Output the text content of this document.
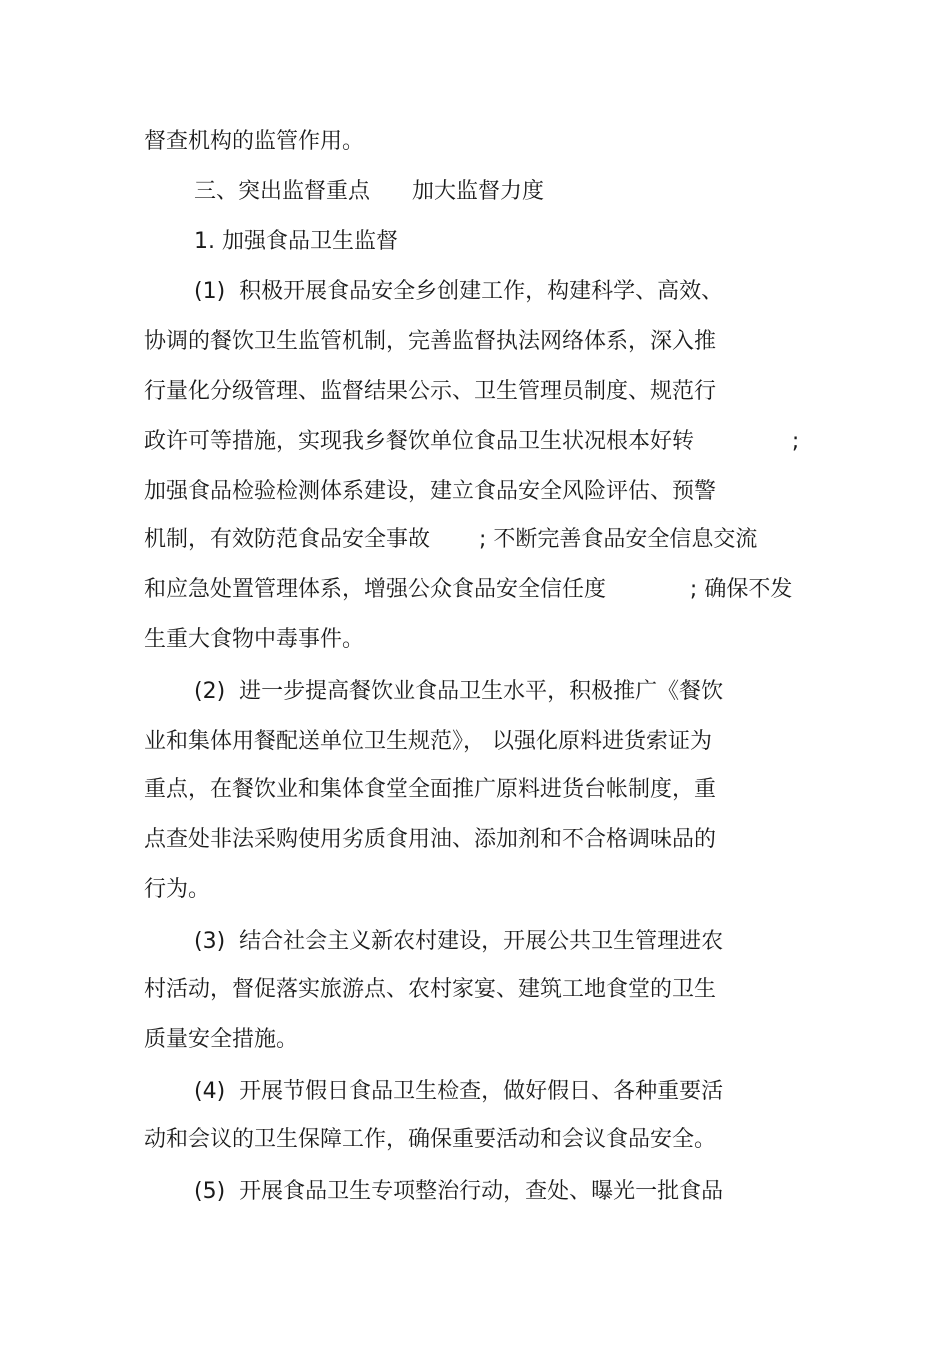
督查机构的监管作用。
三、突出监督重点      加大监督力度
1. 加强食品卫生监督
(1)  积极开展食品安全乡创建工作，构建科学、高效、
协调的餐饮卫生监管机制，完善监督执法网络体系，深入推
行量化分级管理、监督结果公示、卫生管理员制度、规范行
政许可等措施，实现我乡餐饮单位食品卫生状况根本好转              ;
加强食品检验检测体系建设，建立食品安全风险评估、预警
机制，有效防范食品安全事故       ; 不断完善食品安全信息交流
和应急处置管理体系，增强公众食品安全信任度            ; 确保不发
生重大食物中毒事件。
(2)  进一步提高餐饮业食品卫生水平，积极推广《餐饮
业和集体用餐配送单位卫生规范》， 以强化原料进货索证为
重点，在餐饮业和集体食堂全面推广原料进货台帐制度，重
点查处非法采购使用劣质食用油、添加剂和不合格调味品的
行为。
(3)  结合社会主义新农村建设，开展公共卫生管理进农
村活动，督促落实旅游点、农村家宴、建筑工地食堂的卫生
质量安全措施。
(4)  开展节假日食品卫生检查，做好假日、各种重要活
动和会议的卫生保障工作，确保重要活动和会议食品安全。
(5)  开展食品卫生专项整治行动，查处、曝光一批食品
